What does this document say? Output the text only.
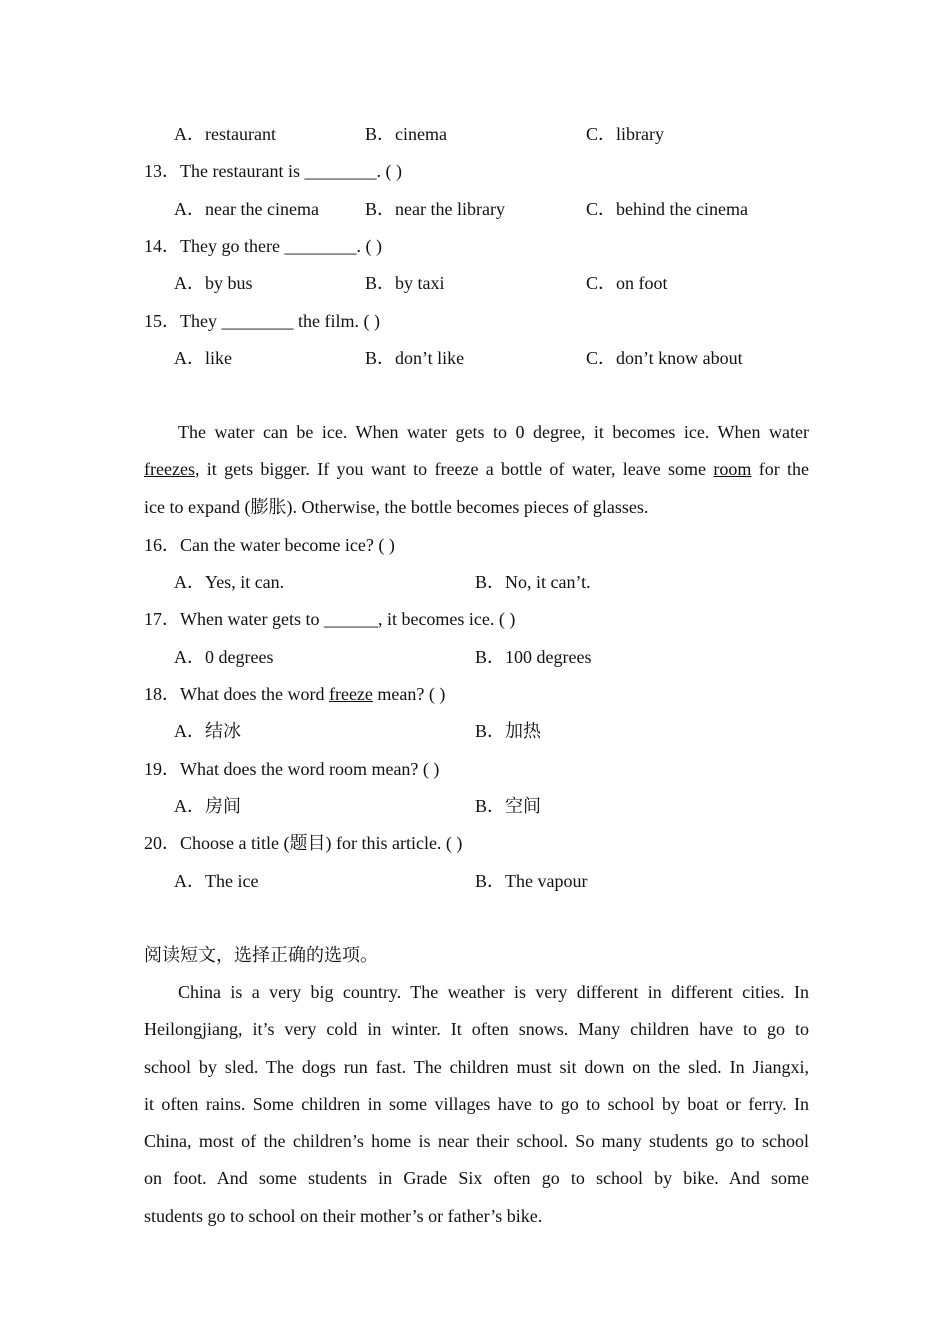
A．restaurant	B．cinema	C．library
13．The restaurant is ________. ( )
A．near the cinema	B．near the library	C．behind the cinema
14．They go there ________. ( )
A．by bus	B．by taxi	C．on foot
15．They ________ the film. ( )
A．like	B．don’t like	C．don’t know about
The water can be ice. When water gets to 0 degree, it becomes ice. When water
freezes, it gets bigger. If you want to freeze a bottle of water, leave some room for the
ice to expand (膨胀). Otherwise, the bottle becomes pieces of glasses.
16．Can the water become ice? ( )
A．Yes, it can.	B．No, it can’t.
17．When water gets to ______, it becomes ice. ( )
A．0 degrees	B．100 degrees
18．What does the word freeze mean? ( )
A．结冰	B．加热
19．What does the word room mean? ( )
A．房间	B．空间
20．Choose a title (题目) for this article. ( )
A．The ice	B．The vapour
阅读短文，选择正确的选项。
China is a very big country. The weather is very different in different cities. In
Heilongjiang, it’s very cold in winter. It often snows. Many children have to go to
school by sled. The dogs run fast. The children must sit down on the sled. In Jiangxi,
it often rains. Some children in some villages have to go to school by boat or ferry. In
China, most of the children’s home is near their school. So many students go to school
on foot. And some students in Grade Six often go to school by bike. And some
students go to school on their mother’s or father’s bike.
